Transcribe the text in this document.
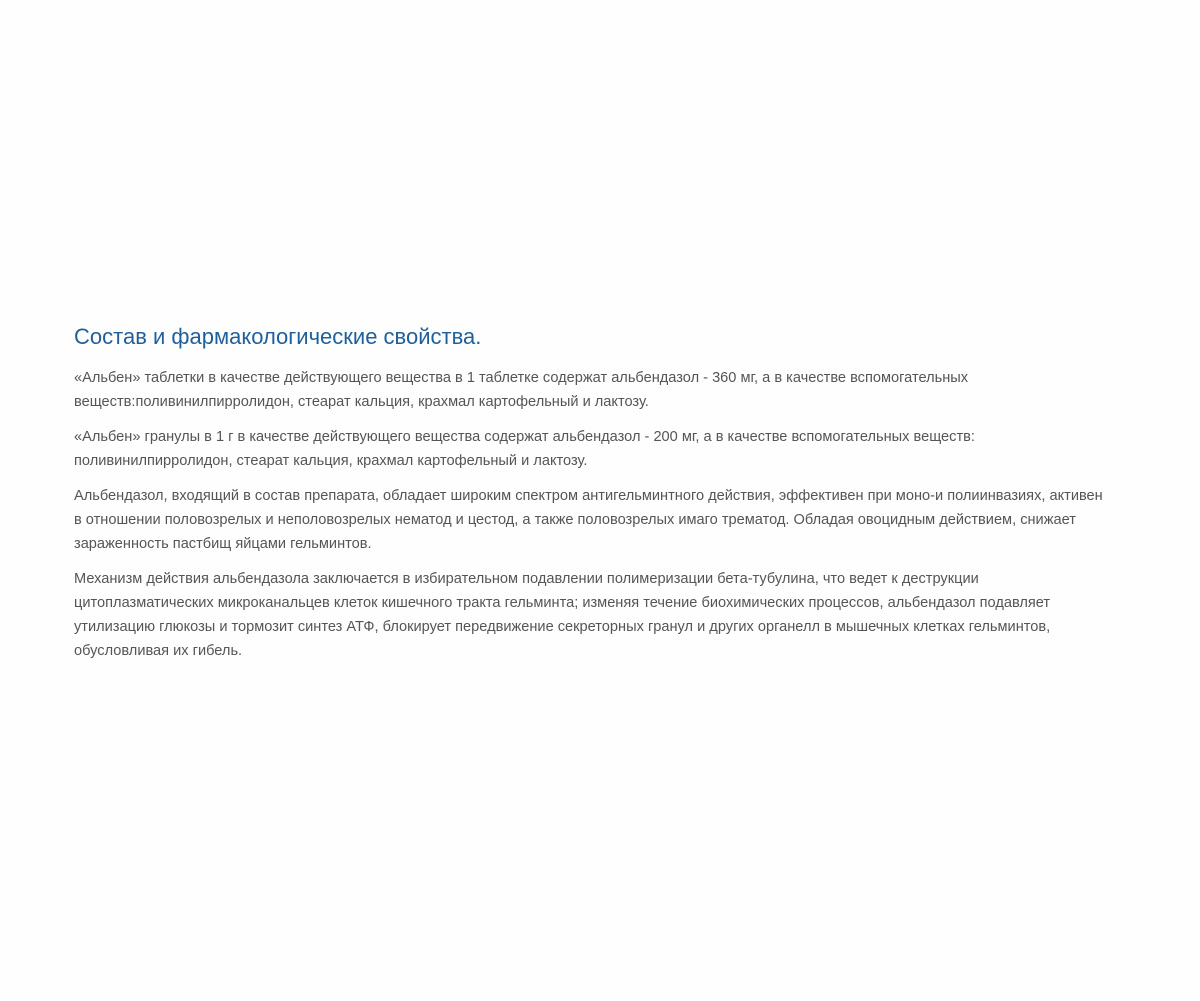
Состав и фармакологические свойства.

«Альбен» таблетки в качестве действующего вещества в 1 таблетке содержат альбендазол - 360 мг, а в качестве вспомогательных
веществ:поливинилпирролидон, стеарат кальция, крахмал картофельный и лактозу.

«Альбен» гранулы в 1 г в качестве действующего вещества содержат альбендазол - 200 мг, а в качестве вспомогательных веществ:
поливинилпирролидон, стеарат кальция, крахмал картофельный и лактозу.

Альбендазол, входящий в состав препарата, обладает широким спектром антигельминтного действия, эффективен при моно-и полиинвазиях, активен
в отношении половозрелых и неполовозрелых нематод и цестод, а также половозрелых имаго трематод. Обладая овоцидным действием, снижает
зараженность пастбищ яйцами гельминтов.

Механизм действия альбендазола заключается в избирательном подавлении полимеризации бета-тубулина, что ведет к деструкции
цитоплазматических микроканальцев клеток кишечного тракта гельминта; изменяя течение биохимических процессов, альбендазол подавляет
утилизацию глюкозы и тормозит синтез АТФ, блокирует передвижение секреторных гранул и других органелл в мышечных клетках гельминтов,
обусловливая их гибель.
